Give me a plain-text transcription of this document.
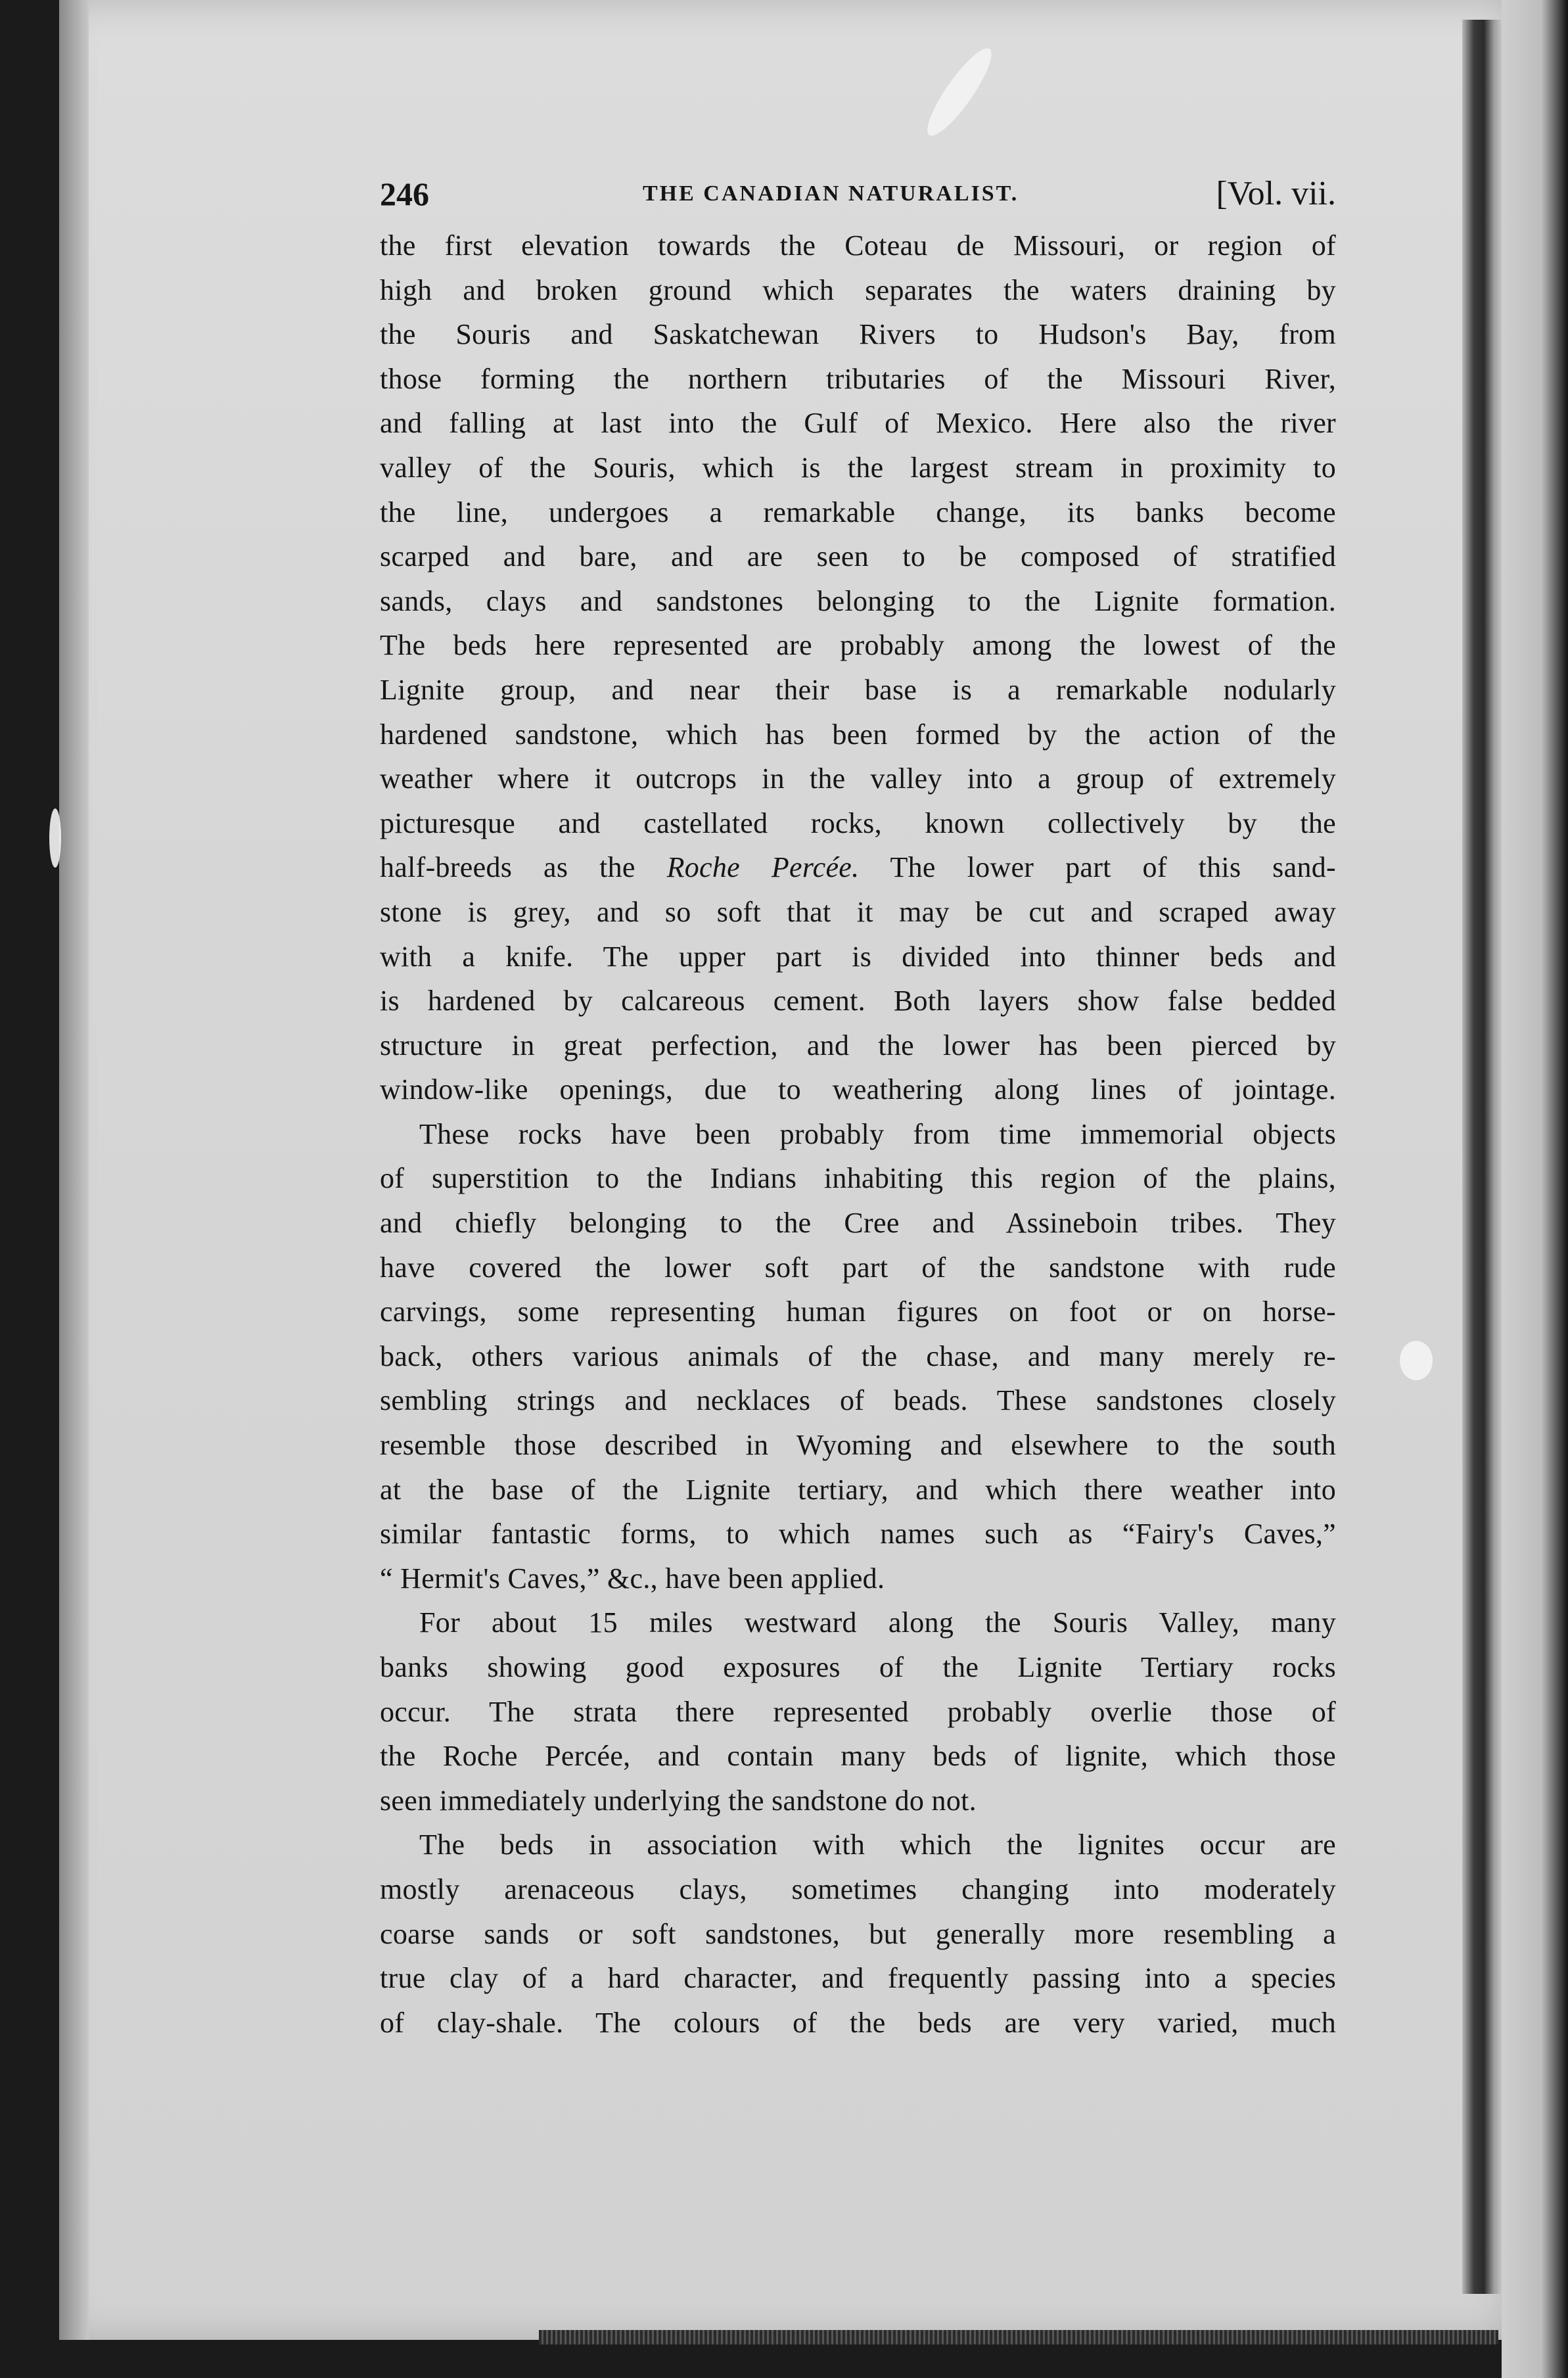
246	THE CANADIAN NATURALIST.	[Vol. vii.
the first elevation towards the Coteau de Missouri, or region of
high and broken ground which separates the waters draining by
the Souris and Saskatchewan Rivers to Hudson's Bay, from
those forming the northern tributaries of the Missouri River,
and falling at last into the Gulf of Mexico. Here also the river
valley of the Souris, which is the largest stream in proximity to
the line, undergoes a remarkable change, its banks become
scarped and bare, and are seen to be composed of stratified
sands, clays and sandstones belonging to the Lignite formation.
The beds here represented are probably among the lowest of the
Lignite group, and near their base is a remarkable nodularly
hardened sandstone, which has been formed by the action of the
weather where it outcrops in the valley into a group of extremely
picturesque and castellated rocks, known collectively by the
half-breeds as the Roche Percée. The lower part of this sand-
stone is grey, and so soft that it may be cut and scraped away
with a knife. The upper part is divided into thinner beds and
is hardened by calcareous cement. Both layers show false bedded
structure in great perfection, and the lower has been pierced by
window-like openings, due to weathering along lines of jointage.
These rocks have been probably from time immemorial objects
of superstition to the Indians inhabiting this region of the plains,
and chiefly belonging to the Cree and Assineboin tribes. They
have covered the lower soft part of the sandstone with rude
carvings, some representing human figures on foot or on horse-
back, others various animals of the chase, and many merely re-
sembling strings and necklaces of beads. These sandstones closely
resemble those described in Wyoming and elsewhere to the south
at the base of the Lignite tertiary, and which there weather into
similar fantastic forms, to which names such as “Fairy's Caves,”
“ Hermit's Caves,” &c., have been applied.
For about 15 miles westward along the Souris Valley, many
banks showing good exposures of the Lignite Tertiary rocks
occur. The strata there represented probably overlie those of
the Roche Percée, and contain many beds of lignite, which those
seen immediately underlying the sandstone do not.
The beds in association with which the lignites occur are
mostly arenaceous clays, sometimes changing into moderately
coarse sands or soft sandstones, but generally more resembling a
true clay of a hard character, and frequently passing into a species
of clay-shale. The colours of the beds are very varied, much
